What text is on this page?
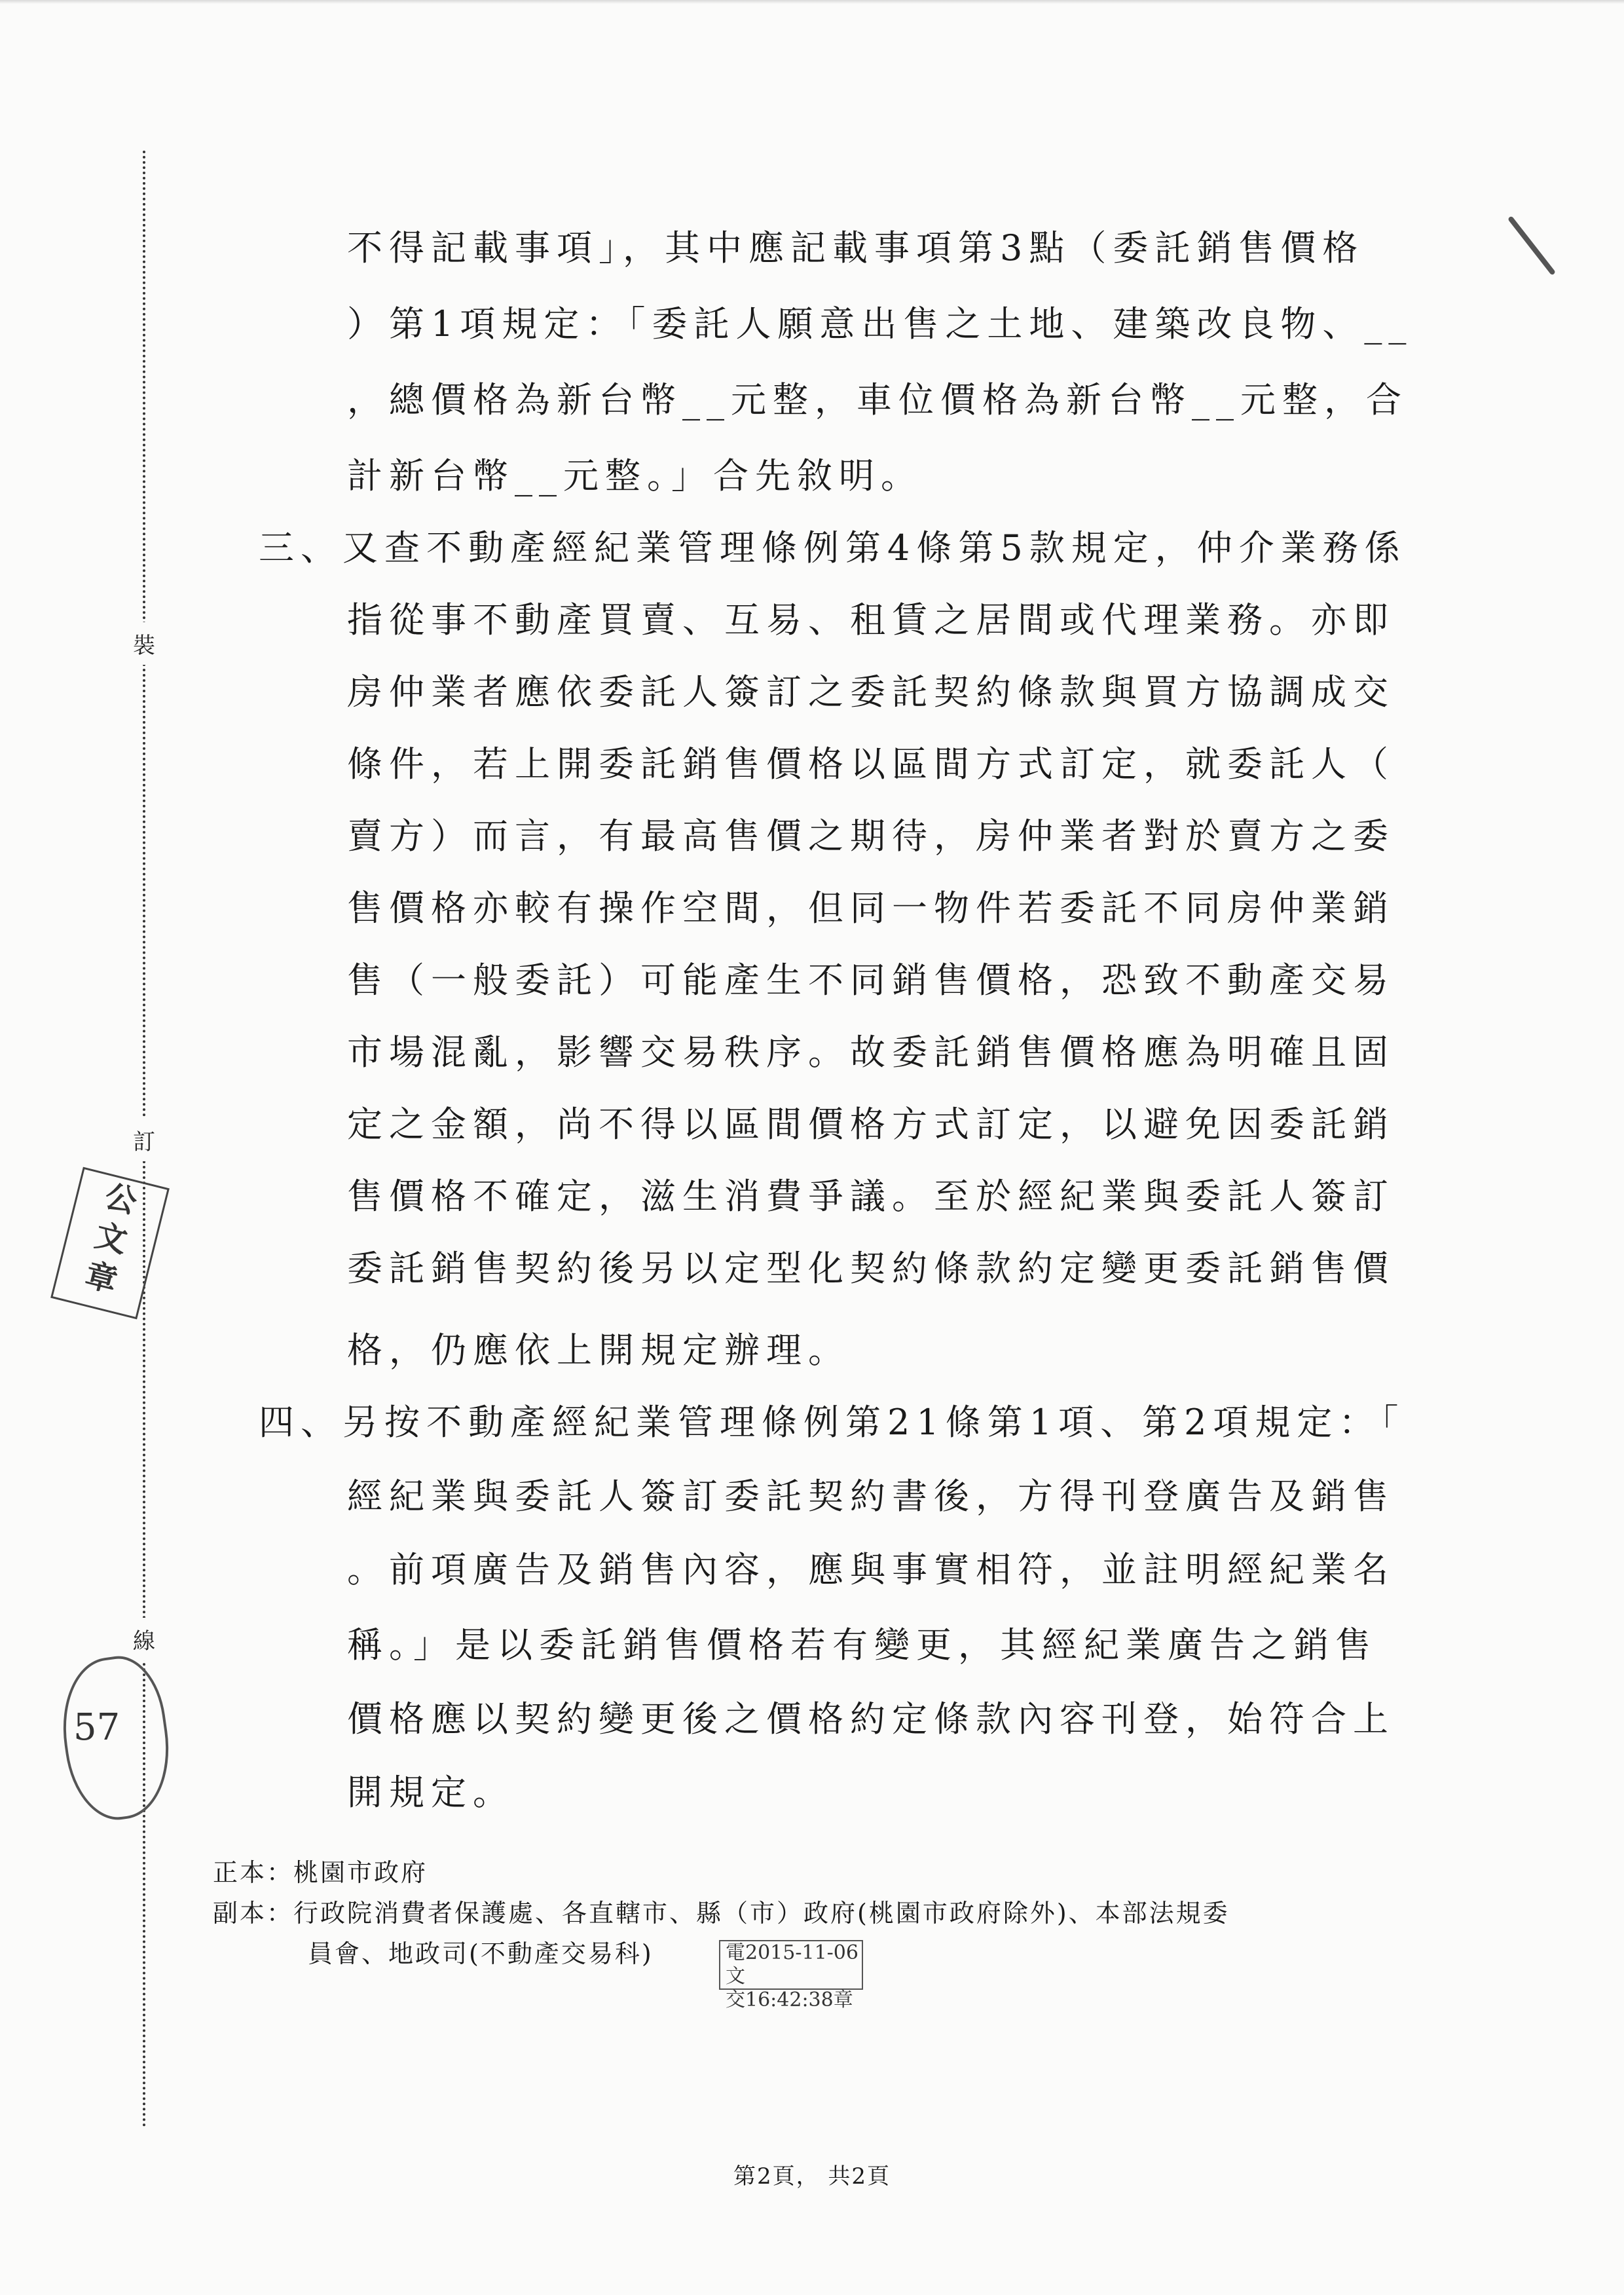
裝
訂
線
公
文
章
57
不得記載事項」，其中應記載事項第3點（委託銷售價格
）第1項規定：「委託人願意出售之土地、建築改良物、__
，總價格為新台幣__元整，車位價格為新台幣__元整，合
計新台幣__元整。」合先敘明。
三、又查不動產經紀業管理條例第4條第5款規定，仲介業務係
指從事不動產買賣、互易、租賃之居間或代理業務。亦即
房仲業者應依委託人簽訂之委託契約條款與買方協調成交
條件，若上開委託銷售價格以區間方式訂定，就委託人（
賣方）而言，有最高售價之期待，房仲業者對於賣方之委
售價格亦較有操作空間，但同一物件若委託不同房仲業銷
售（一般委託）可能產生不同銷售價格，恐致不動產交易
市場混亂，影響交易秩序。故委託銷售價格應為明確且固
定之金額，尚不得以區間價格方式訂定，以避免因委託銷
售價格不確定，滋生消費爭議。至於經紀業與委託人簽訂
委託銷售契約後另以定型化契約條款約定變更委託銷售價
格，仍應依上開規定辦理。
四、另按不動產經紀業管理條例第21條第1項、第2項規定：「
經紀業與委託人簽訂委託契約書後，方得刊登廣告及銷售
。前項廣告及銷售內容，應與事實相符，並註明經紀業名
稱。」是以委託銷售價格若有變更，其經紀業廣告之銷售
價格應以契約變更後之價格約定條款內容刊登，始符合上
開規定。
正本：桃園市政府
副本：行政院消費者保護處、各直轄市、縣（市）政府(桃園市政府除外)、本部法規委
員會、地政司(不動產交易科)	電2015-11-06文
交16:42:38章
第2頁， 共2頁
